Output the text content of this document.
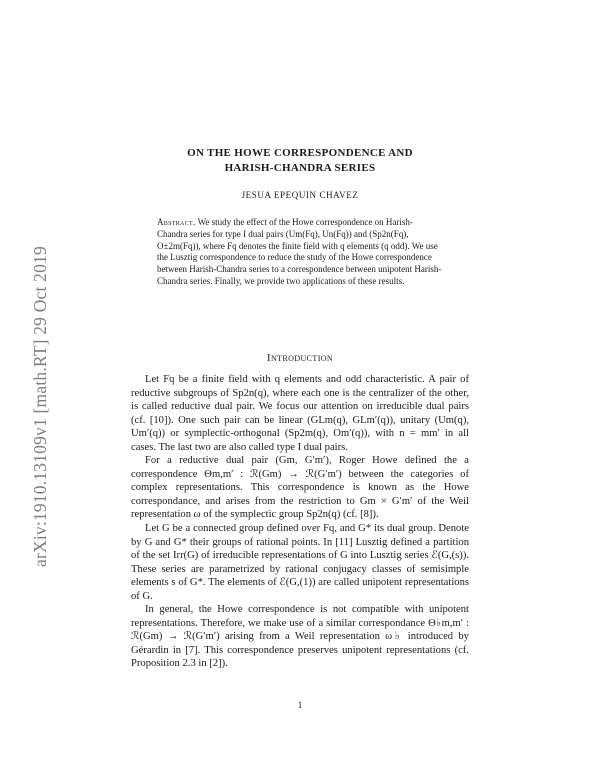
arXiv:1910.13109v1 [math.RT] 29 Oct 2019
ON THE HOWE CORRESPONDENCE AND
HARISH-CHANDRA SERIES
JESUA EPEQUIN CHAVEZ
Abstract. We study the effect of the Howe correspondence on Harish-Chandra series for type I dual pairs (Um(Fq), Un(Fq)) and (Sp2n(Fq), O±2m(Fq)), where Fq denotes the finite field with q elements (q odd). We use the Lusztig correspondence to reduce the study of the Howe correspondence between Harish-Chandra series to a correspondence between unipotent Harish-Chandra series. Finally, we provide two applications of these results.
Introduction

Let Fq be a finite field with q elements and odd characteristic. A pair of reductive subgroups of Sp2n(q), where each one is the centralizer of the other, is called reductive dual pair. We focus our attention on irreducible dual pairs (cf. [10]). One such pair can be linear (GLm(q), GLm′(q)), unitary (Um(q), Um′(q)) or symplectic-orthogonal (Sp2m(q), Om′(q)), with n = mm′ in all cases. The last two are also called type I dual pairs.

For a reductive dual pair (Gm, G′m′), Roger Howe defined the a correspondence Θm,m′ : ℛ(Gm) → ℛ(G′m′) between the categories of complex representations. This correspondence is known as the Howe correspondance, and arises from the restriction to Gm × G′m′ of the Weil representation ω of the symplectic group Sp2n(q) (cf. [8]).

Let G be a connected group defined over Fq, and G* its dual group. Denote by G and G* their groups of rational points. In [11] Lusztig defined a partition of the set Irr(G) of irreducible representations of G into Lusztig series ℰ(G,(s)). These series are parametrized by rational conjugacy classes of semisimple elements s of G*. The elements of ℰ(G,(1)) are called unipotent representations of G.

In general, the Howe correspondence is not compatible with unipotent representations. Therefore, we make use of a similar correspondance Θ♭m,m′ : ℛ(Gm) → ℛ(G′m′) arising from a Weil representation ω♭ introduced by Gérardin in [7]. This correspondence preserves unipotent representations (cf. Proposition 2.3 in [2]).

1
